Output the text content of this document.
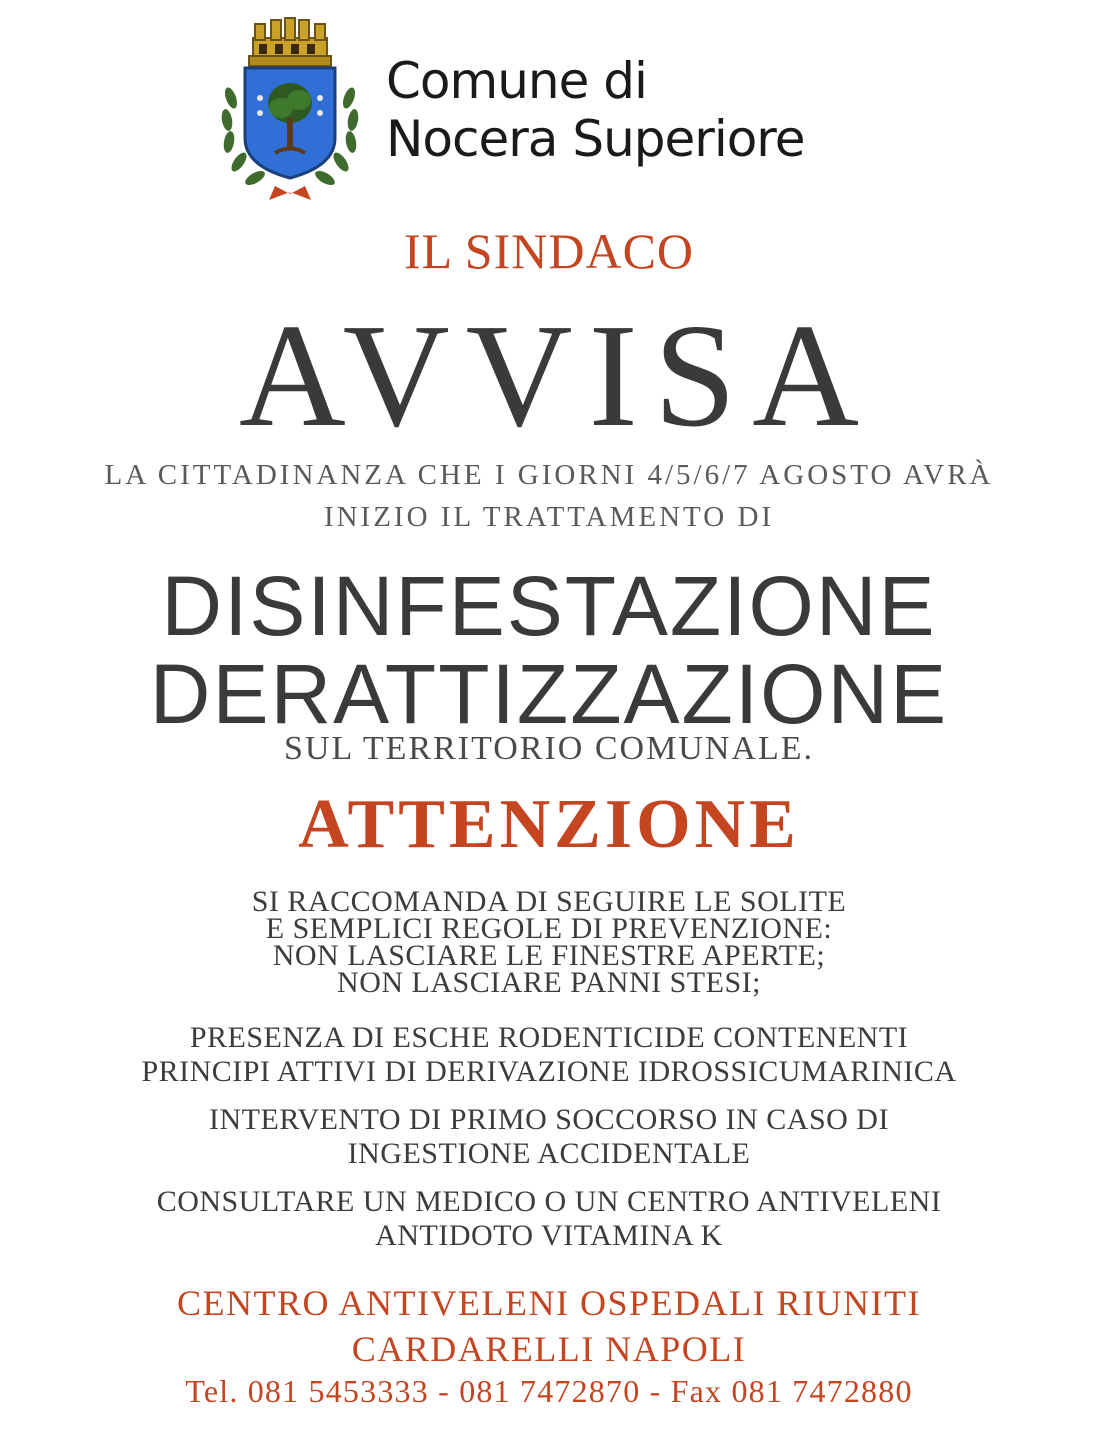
Comune di
Nocera Superiore
IL SINDACO
AVVISA
LA CITTADINANZA CHE I GIORNI 4/5/6/7 AGOSTO AVRÀ
INIZIO IL TRATTAMENTO DI
DISINFESTAZIONE
DERATTIZZAZIONE
SUL TERRITORIO COMUNALE.
ATTENZIONE
SI RACCOMANDA DI SEGUIRE LE SOLITE
E SEMPLICI REGOLE DI PREVENZIONE:
NON LASCIARE LE FINESTRE APERTE;
NON LASCIARE PANNI STESI;
PRESENZA DI ESCHE RODENTICIDE CONTENENTI
PRINCIPI ATTIVI DI DERIVAZIONE IDROSSICUMARINICA
INTERVENTO DI PRIMO SOCCORSO IN CASO DI
INGESTIONE ACCIDENTALE
CONSULTARE UN MEDICO O UN CENTRO ANTIVELENI
ANTIDOTO VITAMINA K
CENTRO ANTIVELENI OSPEDALI RIUNITI
CARDARELLI NAPOLI
Tel. 081 5453333 - 081 7472870 - Fax 081 7472880
